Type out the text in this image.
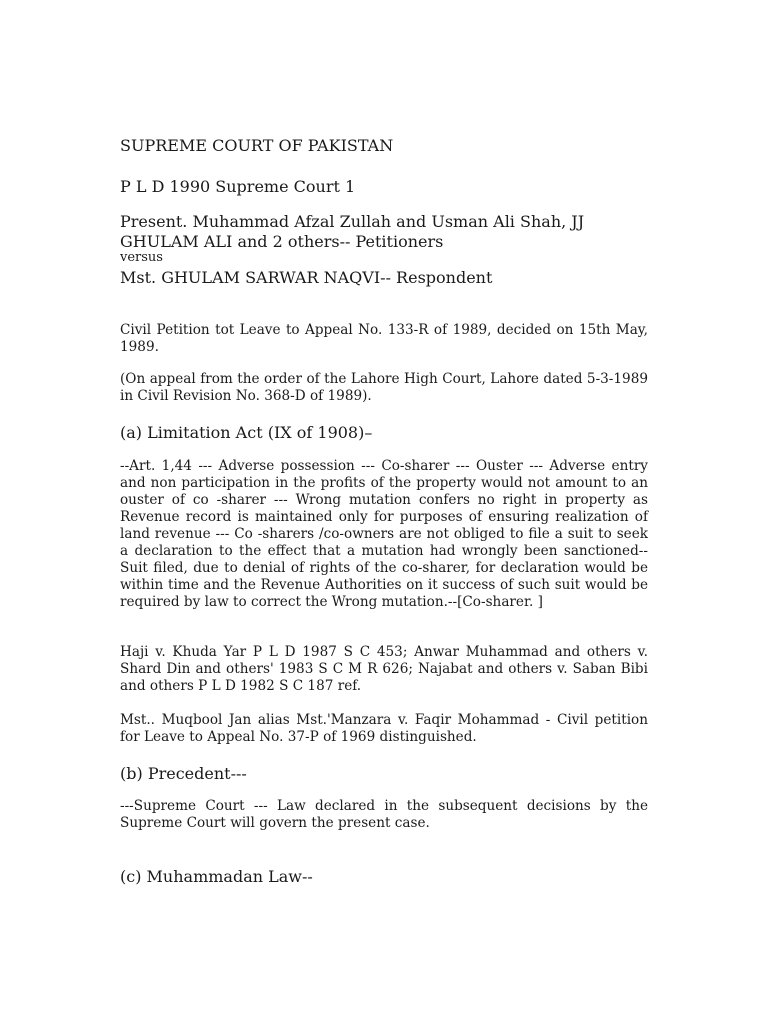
SUPREME COURT OF PAKISTAN
P L D 1990 Supreme Court 1
Present. Muhammad Afzal Zullah and Usman Ali Shah, JJ
GHULAM ALI and 2 others-- Petitioners
versus
Mst. GHULAM SARWAR NAQVI-- Respondent
Civil Petition tot Leave to Appeal No. 133-R of 1989, decided on 15th May, 1989.
(On appeal from the order of the Lahore High Court, Lahore dated 5-3-1989 in Civil Revision No. 368-D of 1989).
(a) Limitation Act (IX of 1908)–
--Art. 1,44 --- Adverse possession --- Co-sharer --- Ouster --- Adverse entry and non participation in the profits of the property would not amount to an ouster of co -sharer --- Wrong mutation confers no right in property as Revenue record is maintained only for purposes of ensuring realization of land revenue --- Co -sharers /co-owners are not obliged to file a suit to seek a declaration to the effect that a mutation had wrongly been sanctioned--Suit filed, due to denial of rights of the co-sharer, for declaration would be within time and the Revenue Authorities on it success of such suit would be required by law to correct the Wrong mutation.--[Co-sharer. ]
Haji v. Khuda Yar P L D 1987 S C 453; Anwar Muhammad and others v. Shard Din and others' 1983 S C M R 626; Najabat and others v. Saban Bibi and others P L D 1982 S C 187 ref.
Mst.. Muqbool Jan alias Mst.'Manzara v. Faqir Mohammad - Civil petition for Leave to Appeal No. 37-P of 1969 distinguished.
(b) Precedent---
---Supreme Court --- Law declared in the subsequent decisions by the Supreme Court will govern the present case.
(c) Muhammadan Law--
